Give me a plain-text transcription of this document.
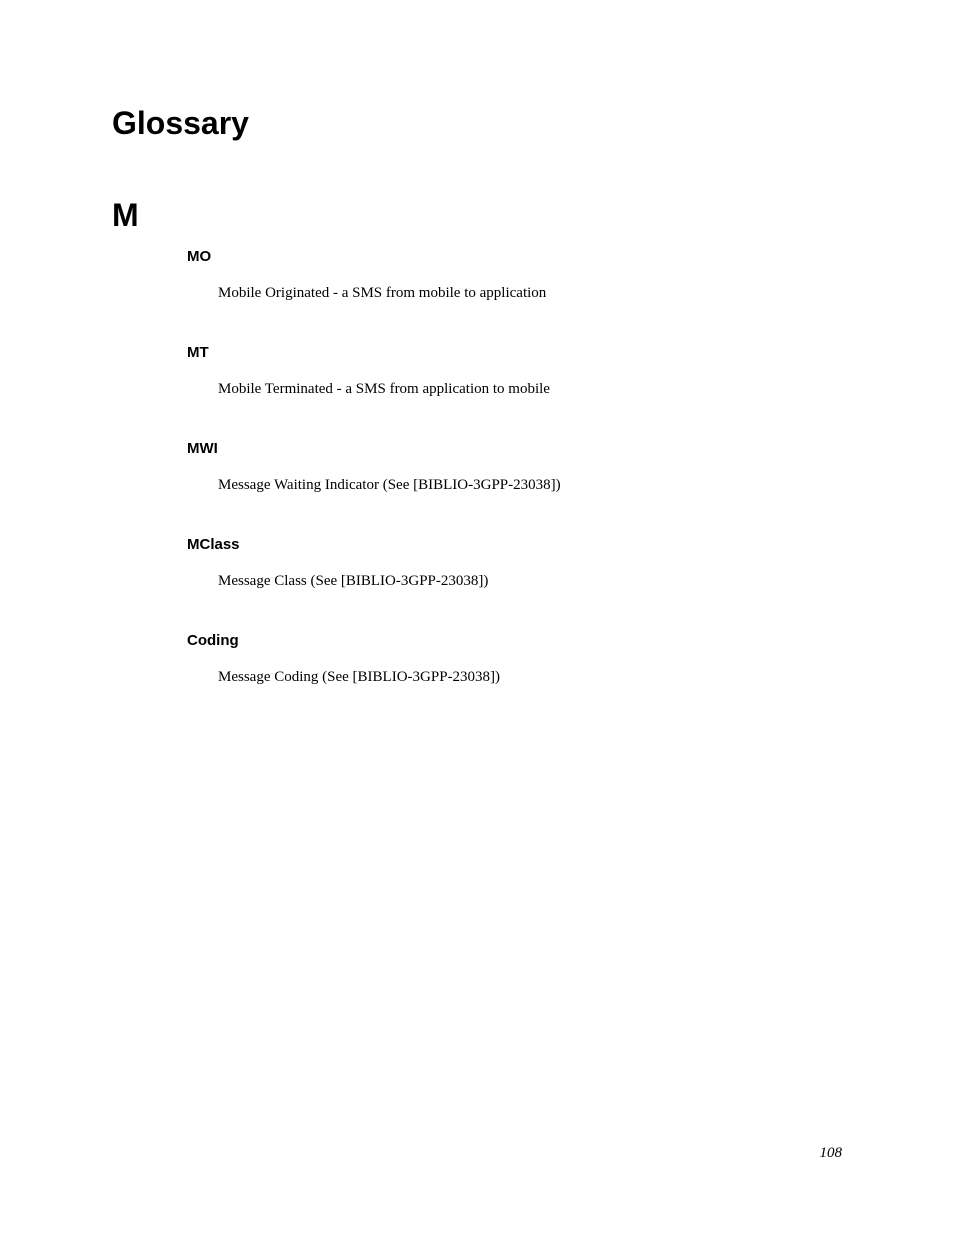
Glossary
M
MO
Mobile Originated - a SMS from mobile to application
MT
Mobile Terminated - a SMS from application to mobile
MWI
Message Waiting Indicator (See [BIBLIO-3GPP-23038])
MClass
Message Class (See [BIBLIO-3GPP-23038])
Coding
Message Coding (See [BIBLIO-3GPP-23038])
108
